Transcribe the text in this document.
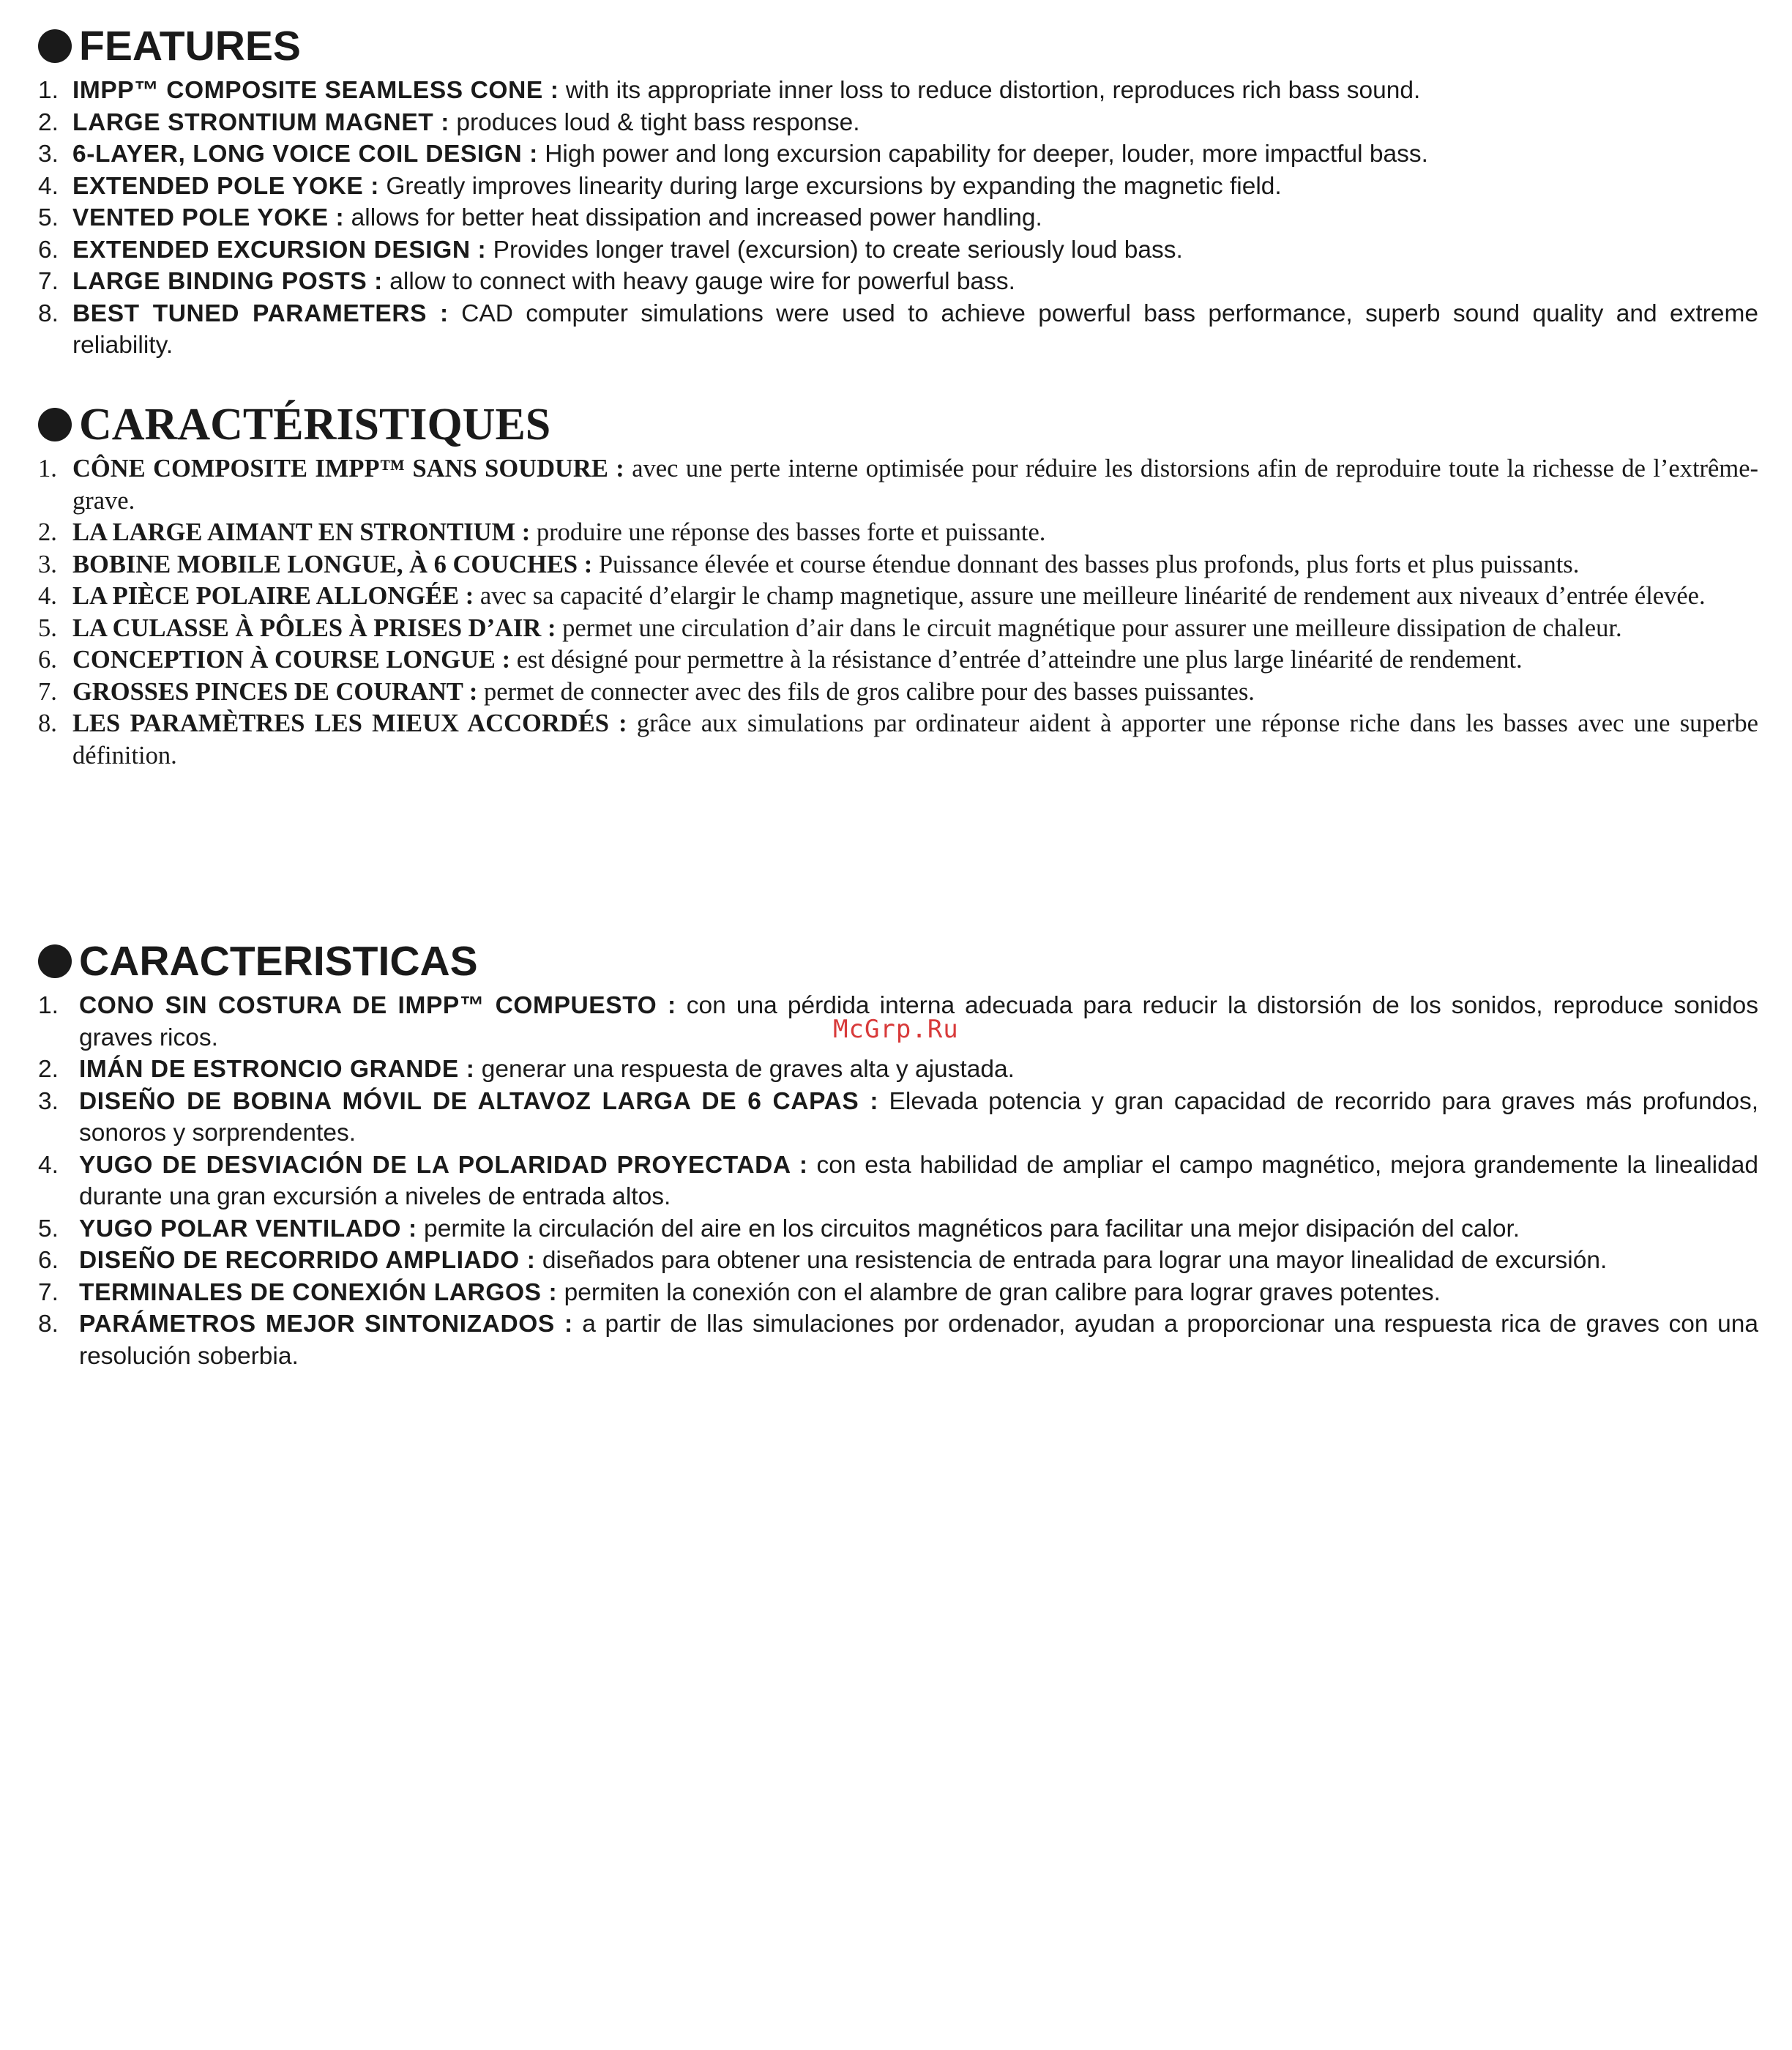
FEATURES
1. IMPP™ COMPOSITE SEAMLESS CONE : with its appropriate inner loss to reduce distortion, reproduces rich bass sound.
2. LARGE STRONTIUM MAGNET : produces loud & tight bass response.
3. 6-LAYER, LONG VOICE COIL DESIGN : High power and long excursion capability for deeper, louder, more impactful bass.
4. EXTENDED POLE YOKE : Greatly improves linearity during large excursions by expanding the magnetic field.
5. VENTED POLE YOKE : allows for better heat dissipation and increased power handling.
6. EXTENDED EXCURSION DESIGN : Provides longer travel (excursion) to create seriously loud bass.
7. LARGE BINDING POSTS : allow to connect with heavy gauge wire for powerful bass.
8. BEST TUNED PARAMETERS : CAD computer simulations were used to achieve powerful bass performance, superb sound quality and extreme reliability.
CARACTÉRISTIQUES
1. CÔNE COMPOSITE IMPP™ SANS SOUDURE : avec une perte interne optimisée pour réduire les distorsions afin de reproduire toute la richesse de l’extrême-grave.
2. LA LARGE AIMANT EN STRONTIUM : produire une réponse des basses forte et puissante.
3. BOBINE MOBILE LONGUE, À 6 COUCHES : Puissance élevée et course étendue donnant des basses plus profonds, plus forts et plus puissants.
4. LA PIÈCE POLAIRE ALLONGÉE : avec sa capacité d’elargir le champ magnetique, assure une meilleure linéarité de rendement aux niveaux d’entrée élevée.
5. LA CULASSE À PÔLES À PRISES D’AIR : permet une circulation d’air dans le circuit magnétique pour assurer une meilleure dissipation de chaleur.
6. CONCEPTION À COURSE LONGUE : est désigné pour permettre à la résistance d’entrée d’atteindre une plus large linéarité de rendement.
7. GROSSES PINCES DE COURANT : permet de connecter avec des fils de gros calibre pour des basses puissantes.
8. LES PARAMÈTRES LES MIEUX ACCORDÉS : grâce aux simulations par ordinateur aident à apporter une réponse riche dans les basses avec une superbe définition.
CARACTERISTICAS
1. CONO SIN COSTURA DE IMPP™ COMPUESTO : con una pérdida interna adecuada para reducir la distorsión de los sonidos, reproduce sonidos graves ricos.
2. IMÁN DE ESTRONCIO GRANDE : generar una respuesta de graves alta y ajustada.
3. DISEÑO DE BOBINA MÓVIL DE ALTAVOZ LARGA DE 6 CAPAS : Elevada potencia y gran capacidad de recorrido para graves más profundos, sonoros y sorprendentes.
4. YUGO DE DESVIACIÓN DE LA POLARIDAD PROYECTADA : con esta habilidad de ampliar el campo magnético, mejora grandemente la linealidad durante una gran excursión a niveles de entrada altos.
5. YUGO POLAR VENTILADO : permite la circulación del aire en los circuitos magnéticos para facilitar una mejor disipación del calor.
6. DISEÑO DE RECORRIDO AMPLIADO : diseñados para obtener una resistencia de entrada para lograr una mayor linealidad de excursión.
7. TERMINALES DE CONEXIÓN LARGOS : permiten la conexión con el alambre de gran calibre para lograr graves potentes.
8. PARÁMETROS MEJOR SINTONIZADOS : a partir de llas simulaciones por ordenador, ayudan a proporcionar una respuesta rica de graves con una resolución soberbia.
McGrp.Ru
